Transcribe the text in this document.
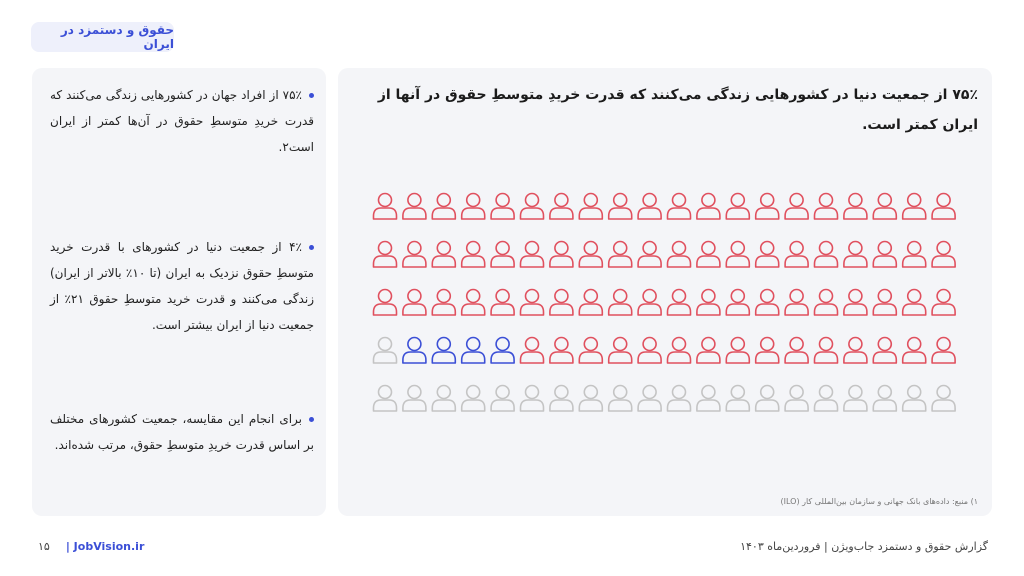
حقوق و دستمزد در ایران
۷۵٪ از جمعیت دنیا در کشورهایی زندگی می‌کنند که قدرت خریدِ متوسطِ حقوق در آنها از ایران کمتر است.
۱) منبع: داده‌های بانک جهانی و سازمان بین‌المللی کار (ILO)
۷۵٪ از افراد جهان در کشورهایی زندگی می‌کنند که قدرت خریدِ متوسطِ حقوق در آن‌ها کمتر از ایران است۲.
۴٪ از جمعیت دنیا در کشورهای با قدرت خرید متوسطِ حقوق نزدیک به ایران (تا ۱۰٪ بالاتر از ایران) زندگی می‌کنند و قدرت خرید متوسطِ حقوق ۲۱٪ از جمعیت دنیا از ایران بیشتر است.
برای انجام این مقایسه، جمعیت کشورهای مختلف بر اساس قدرت خریدِ متوسطِ حقوق، مرتب شده‌اند.
۱۵ | JobVision.ir	گزارش حقوق و دستمزد جاب‌ویژن | فروردین‌ماه ۱۴۰۳
